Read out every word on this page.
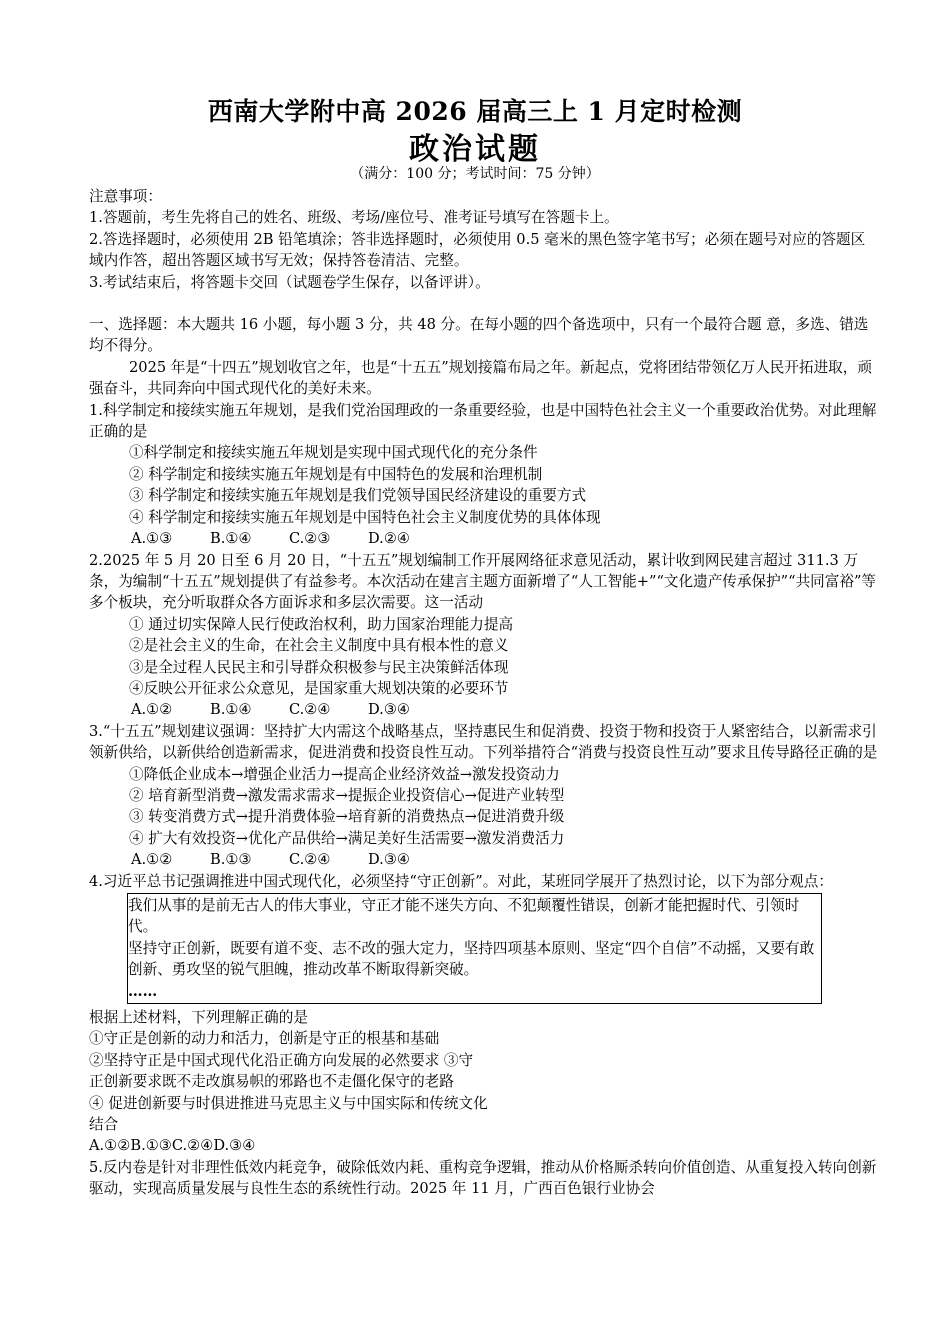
西南大学附中高 2026 届高三上 1 月定时检测
政治试题
（满分：100 分；考试时间：75 分钟）

注意事项：

1.答题前，考生先将自己的姓名、班级、考场/座位号、准考证号填写在答题卡上。

2.答选择题时，必须使用 2B 铅笔填涂；答非选择题时，必须使用 0.5 毫米的黑色签字笔书写；必须在题号对应的答题区域内作答，超出答题区域书写无效；保持答卷清洁、完整。

3.考试结束后，将答题卡交回（试题卷学生保存，以备评讲）。

一、选择题：本大题共 16 小题，每小题 3 分，共 48 分。在每小题的四个备选项中，只有一个最符合题 意，多选、错选均不得分。

2025 年是“十四五”规划收官之年，也是“十五五”规划接篇布局之年。新起点，党将团结带领亿万人民开拓进取，顽强奋斗，共同奔向中国式现代化的美好未来。

1.科学制定和接续实施五年规划，是我们党治国理政的一条重要经验，也是中国特色社会主义一个重要政治优势。对此理解正确的是

①科学制定和接续实施五年规划是实现中国式现代化的充分条件

② 科学制定和接续实施五年规划是有中国特色的发展和治理机制

③ 科学制定和接续实施五年规划是我们党领导国民经济建设的重要方式

④ 科学制定和接续实施五年规划是中国特色社会主义制度优势的具体体现

A.①③	B.①④	C.②③	D.②④

2.2025 年 5 月 20 日至 6 月 20 日，“十五五”规划编制工作开展网络征求意见活动，累计收到网民建言超过 311.3 万条，为编制“十五五”规划提供了有益参考。本次活动在建言主题方面新增了“人工智能+”“文化遗产传承保护”“共同富裕”等多个板块，充分听取群众各方面诉求和多层次需要。这一活动

① 通过切实保障人民行使政治权利，助力国家治理能力提高

②是社会主义的生命，在社会主义制度中具有根本性的意义

③是全过程人民民主和引导群众积极参与民主决策鲜活体现

④反映公开征求公众意见，是国家重大规划决策的必要环节

A.①②	B.①④	C.②④	D.③④

3.“十五五”规划建议强调：坚持扩大内需这个战略基点，坚持惠民生和促消费、投资于物和投资于人紧密结合，以新需求引领新供给，以新供给创造新需求，促进消费和投资良性互动。下列举措符合“消费与投资良性互动”要求且传导路径正确的是

①降低企业成本→增强企业活力→提高企业经济效益→激发投资动力

② 培育新型消费→激发需求需求→提振企业投资信心→促进产业转型

③ 转变消费方式→提升消费体验→培育新的消费热点→促进消费升级

④ 扩大有效投资→优化产品供给→满足美好生活需要→激发消费活力

A.①②	B.①③	C.②④	D.③④

4.习近平总书记强调推进中国式现代化，必须坚持“守正创新”。对此，某班同学展开了热烈讨论，以下为部分观点：

我们从事的是前无古人的伟大事业，守正才能不迷失方向、不犯颠覆性错误，创新才能把握时代、引领时代。

坚持守正创新，既要有道不变、志不改的强大定力，坚持四项基本原则、坚定“四个自信”不动摇，又要有敢创新、勇攻坚的锐气胆魄，推动改革不断取得新突破。

……

根据上述材料，下列理解正确的是

①守正是创新的动力和活力，创新是守正的根基和基础

②坚持守正是中国式现代化沿正确方向发展的必然要求 ③守

正创新要求既不走改旗易帜的邪路也不走僵化保守的老路

④ 促进创新要与时俱进推进马克思主义与中国实际和传统文化

结合

A.①②B.①③C.②④D.③④

5.反内卷是针对非理性低效内耗竞争，破除低效内耗、重构竞争逻辑，推动从价格厮杀转向价值创造、从重复投入转向创新驱动，实现高质量发展与良性生态的系统性行动。2025 年 11 月，广西百色银行业协会
